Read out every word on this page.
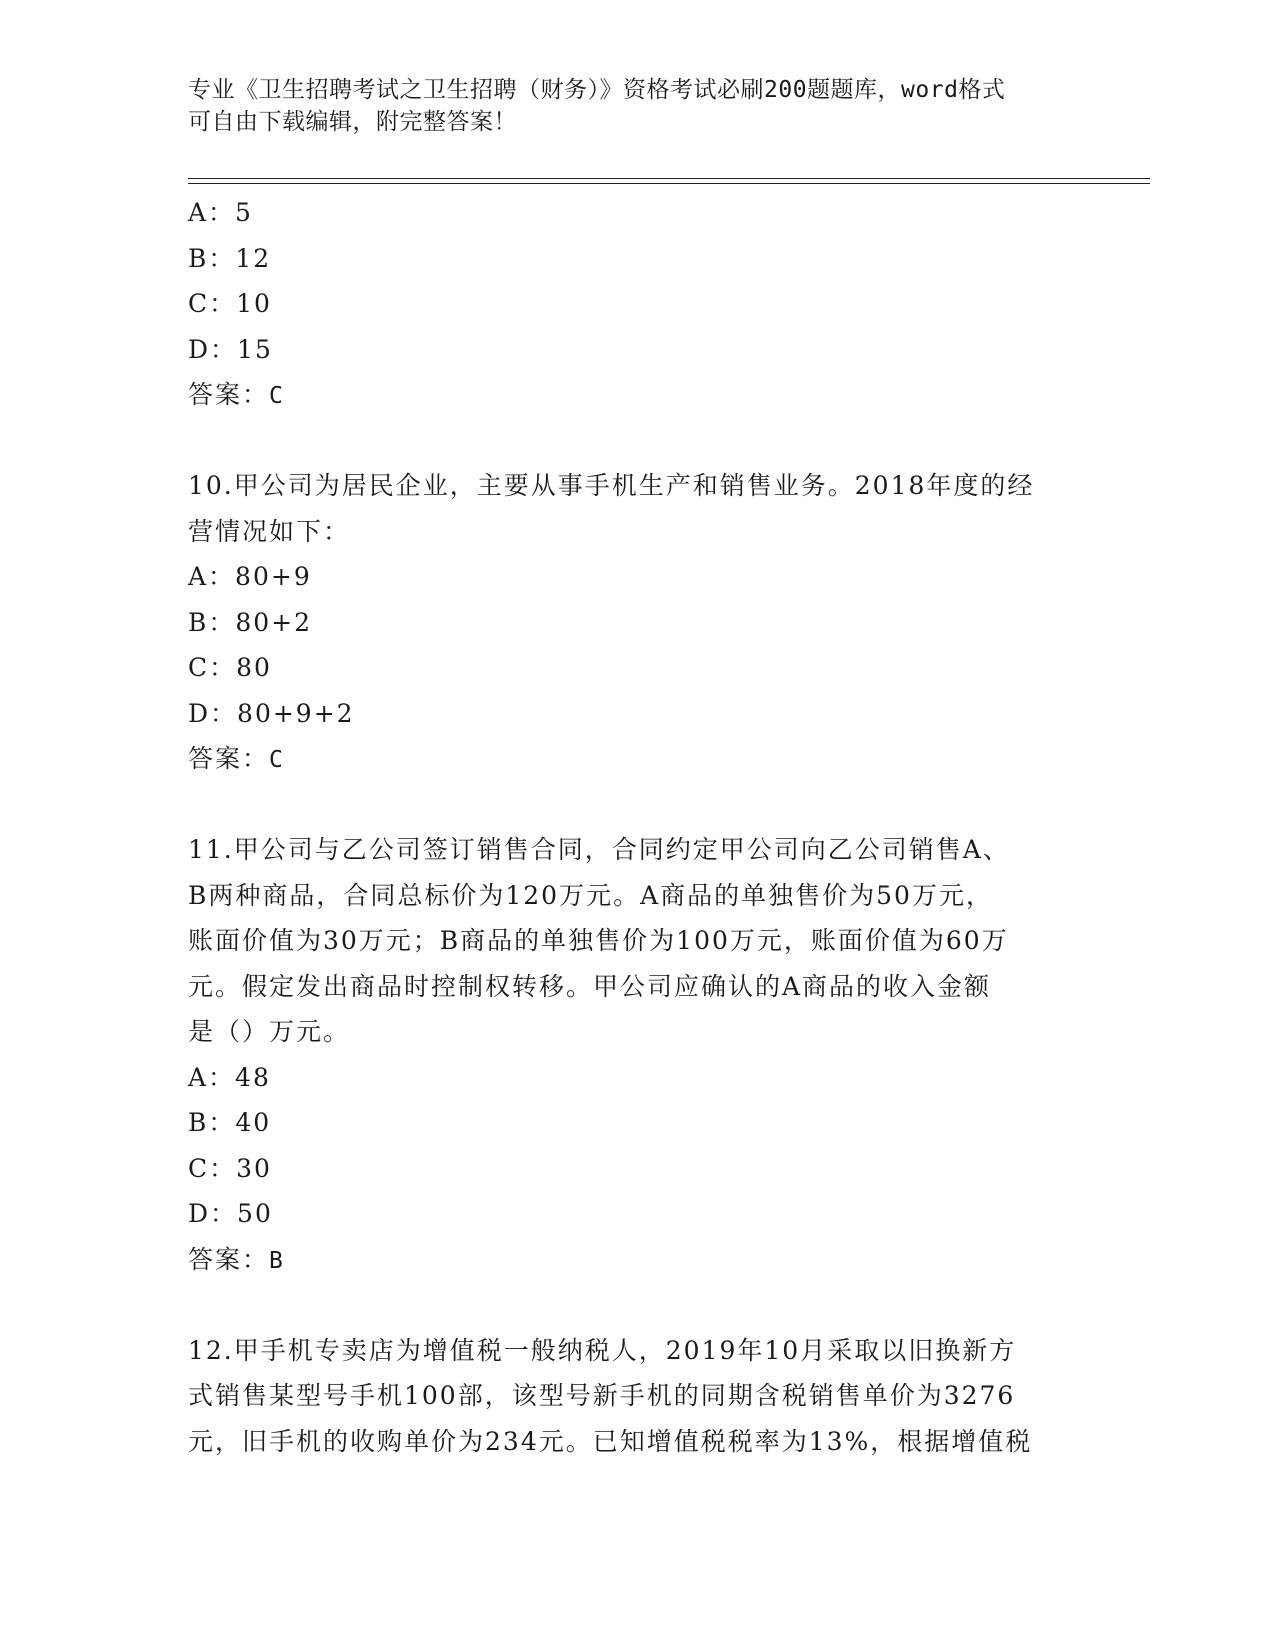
专业《卫生招聘考试之卫生招聘（财务）》资格考试必刷200题题库，word格式
可自由下载编辑，附完整答案！
A：5
B：12
C：10
D：15
答案：C
10.甲公司为居民企业，主要从事手机生产和销售业务。2018年度的经
营情况如下：
A：80+9
B：80+2
C：80
D：80+9+2
答案：C
11.甲公司与乙公司签订销售合同，合同约定甲公司向乙公司销售A、
B两种商品，合同总标价为120万元。A商品的单独售价为50万元，
账面价值为30万元；B商品的单独售价为100万元，账面价值为60万
元。假定发出商品时控制权转移。甲公司应确认的A商品的收入金额
是（）万元。
A：48
B：40
C：30
D：50
答案：B
12.甲手机专卖店为增值税一般纳税人，2019年10月采取以旧换新方
式销售某型号手机100部，该型号新手机的同期含税销售单价为3276
元，旧手机的收购单价为234元。已知增值税税率为13%，根据增值税
